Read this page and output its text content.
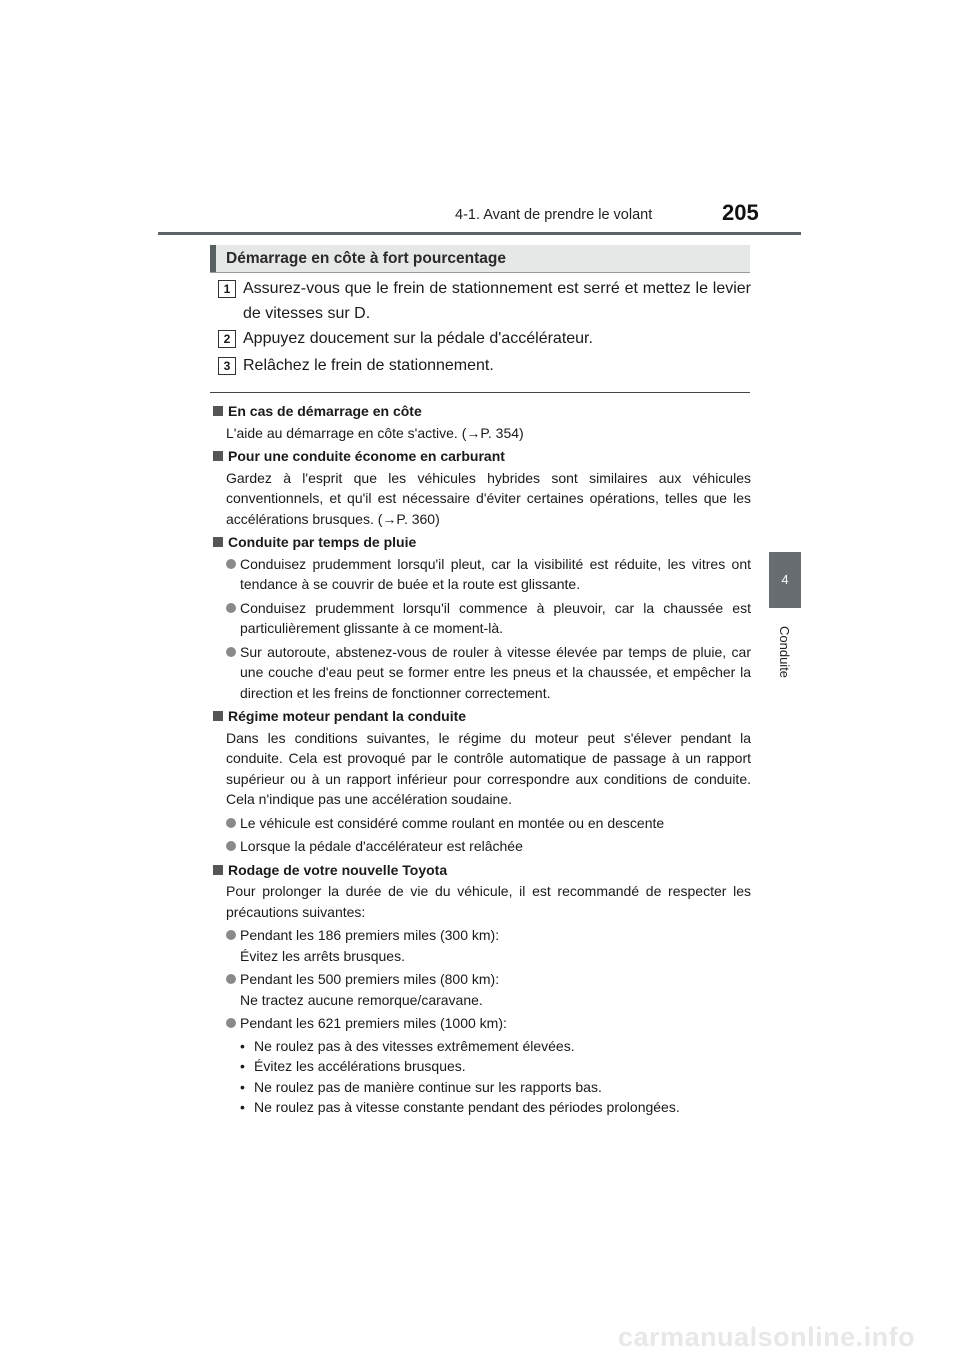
4-1. Avant de prendre le volant	205
4
Conduite
Démarrage en côte à fort pourcentage
1 Assurez-vous que le frein de stationnement est serré et mettez le levier de vitesses sur D.
2 Appuyez doucement sur la pédale d'accélérateur.
3 Relâchez le frein de stationnement.
En cas de démarrage en côte
L'aide au démarrage en côte s'active. (→P. 354)
Pour une conduite économe en carburant
Gardez à l'esprit que les véhicules hybrides sont similaires aux véhicules conventionnels, et qu'il est nécessaire d'éviter certaines opérations, telles que les accélérations brusques. (→P. 360)
Conduite par temps de pluie
Conduisez prudemment lorsqu'il pleut, car la visibilité est réduite, les vitres ont tendance à se couvrir de buée et la route est glissante.
Conduisez prudemment lorsqu'il commence à pleuvoir, car la chaussée est particulièrement glissante à ce moment-là.
Sur autoroute, abstenez-vous de rouler à vitesse élevée par temps de pluie, car une couche d'eau peut se former entre les pneus et la chaussée, et empêcher la direction et les freins de fonctionner correctement.
Régime moteur pendant la conduite
Dans les conditions suivantes, le régime du moteur peut s'élever pendant la conduite. Cela est provoqué par le contrôle automatique de passage à un rapport supérieur ou à un rapport inférieur pour correspondre aux conditions de conduite. Cela n'indique pas une accélération soudaine.
Le véhicule est considéré comme roulant en montée ou en descente
Lorsque la pédale d'accélérateur est relâchée
Rodage de votre nouvelle Toyota
Pour prolonger la durée de vie du véhicule, il est recommandé de respecter les précautions suivantes:
Pendant les 186 premiers miles (300 km):
Évitez les arrêts brusques.
Pendant les 500 premiers miles (800 km):
Ne tractez aucune remorque/caravane.
Pendant les 621 premiers miles (1000 km):
• Ne roulez pas à des vitesses extrêmement élevées.
• Évitez les accélérations brusques.
• Ne roulez pas de manière continue sur les rapports bas.
• Ne roulez pas à vitesse constante pendant des périodes prolongées.
carmanualsonline.info
